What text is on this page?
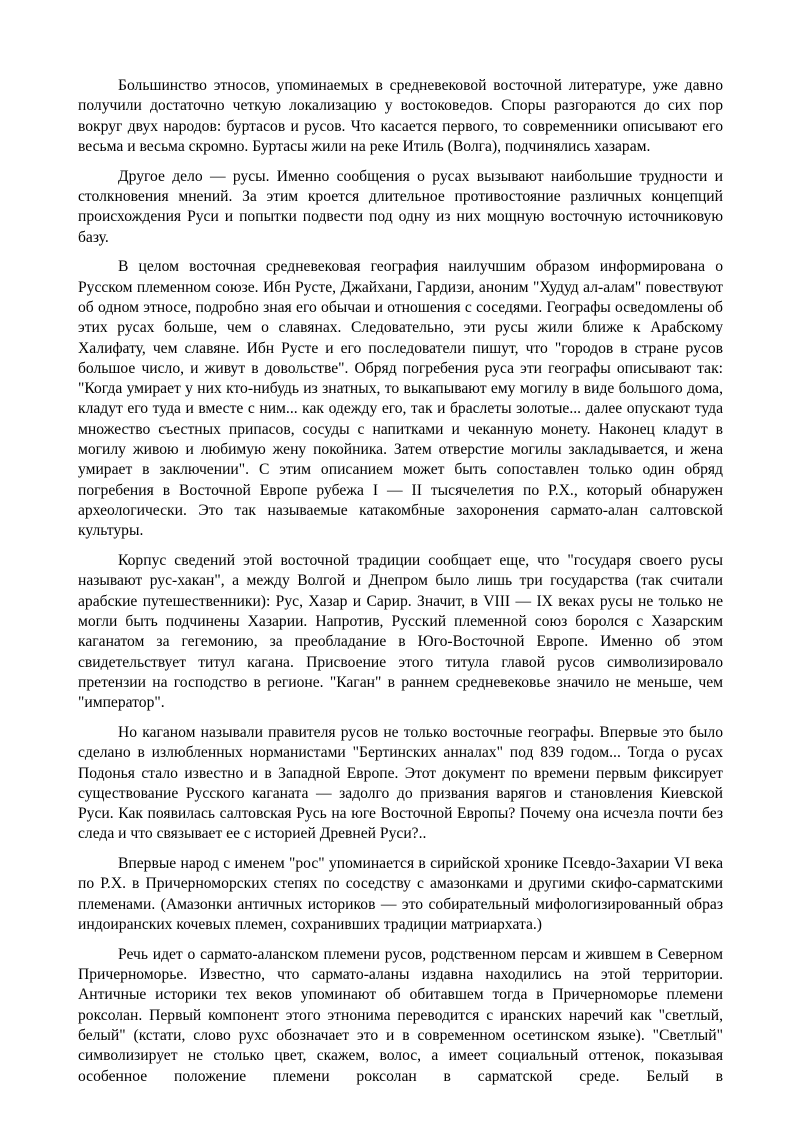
Большинство этносов, упоминаемых в средневековой восточной литературе, уже давно получили достаточно четкую локализацию у востоковедов. Споры разгораются до сих пор вокруг двух народов: буртасов и русов. Что касается первого, то современники описывают его весьма и весьма скромно. Буртасы жили на реке Итиль (Волга), подчинялись хазарам.

Другое дело — русы. Именно сообщения о русах вызывают наибольшие трудности и столкновения мнений. За этим кроется длительное противостояние различных концепций происхождения Руси и попытки подвести под одну из них мощную восточную источниковую базу.

В целом восточная средневековая география наилучшим образом информирована о Русском племенном союзе. Ибн Русте, Джайхани, Гардизи, аноним "Худуд ал-алам" повествуют об одном этносе, подробно зная его обычаи и отношения с соседями. Географы осведомлены об этих русах больше, чем о славянах. Следовательно, эти русы жили ближе к Арабскому Халифату, чем славяне. Ибн Русте и его последователи пишут, что "городов в стране русов большое число, и живут в довольстве". Обряд погребения руса эти географы описывают так: "Когда умирает у них кто-нибудь из знатных, то выкапывают ему могилу в виде большого дома, кладут его туда и вместе с ним... как одежду его, так и браслеты золотые... далее опускают туда множество съестных припасов, сосуды с напитками и чеканную монету. Наконец кладут в могилу живою и любимую жену покойника. Затем отверстие могилы закладывается, и жена умирает в заключении". С этим описанием может быть сопоставлен только один обряд погребения в Восточной Европе рубежа I — II тысячелетия по Р.Х., который обнаружен археологически. Это так называемые катакомбные захоронения сармато-алан салтовской культуры.

Корпус сведений этой восточной традиции сообщает еще, что "государя своего русы называют рус-хакан", а между Волгой и Днепром было лишь три государства (так считали арабские путешественники): Рус, Хазар и Сарир. Значит, в VIII — IX веках русы не только не могли быть подчинены Хазарии. Напротив, Русский племенной союз боролся с Хазарским каганатом за гегемонию, за преобладание в Юго-Восточной Европе. Именно об этом свидетельствует титул кагана. Присвоение этого титула главой русов символизировало претензии на господство в регионе. "Каган" в раннем средневековье значило не меньше, чем "император".

Но каганом называли правителя русов не только восточные географы. Впервые это было сделано в излюбленных норманистами "Бертинских анналах" под 839 годом... Тогда о русах Подонья стало известно и в Западной Европе. Этот документ по времени первым фиксирует существование Русского каганата — задолго до призвания варягов и становления Киевской Руси. Как появилась салтовская Русь на юге Восточной Европы? Почему она исчезла почти без следа и что связывает ее с историей Древней Руси?..

Впервые народ с именем "рос" упоминается в сирийской хронике Псевдо-Захарии VI века по Р.Х. в Причерноморских степях по соседству с амазонками и другими скифо-сарматскими племенами. (Амазонки античных историков — это собирательный мифологизированный образ индоиранских кочевых племен, сохранивших традиции матриархата.)

Речь идет о сармато-аланском племени русов, родственном персам и жившем в Северном Причерноморье. Известно, что сармато-аланы издавна находились на этой территории. Античные историки тех веков упоминают об обитавшем тогда в Причерноморье племени роксолан. Первый компонент этого этнонима переводится с иранских наречий как "светлый, белый" (кстати, слово рухс обозначает это и в современном осетинском языке). "Светлый" символизирует не столько цвет, скажем, волос, а имеет социальный оттенок, показывая особенное положение племени роксолан в сарматской среде. Белый в
